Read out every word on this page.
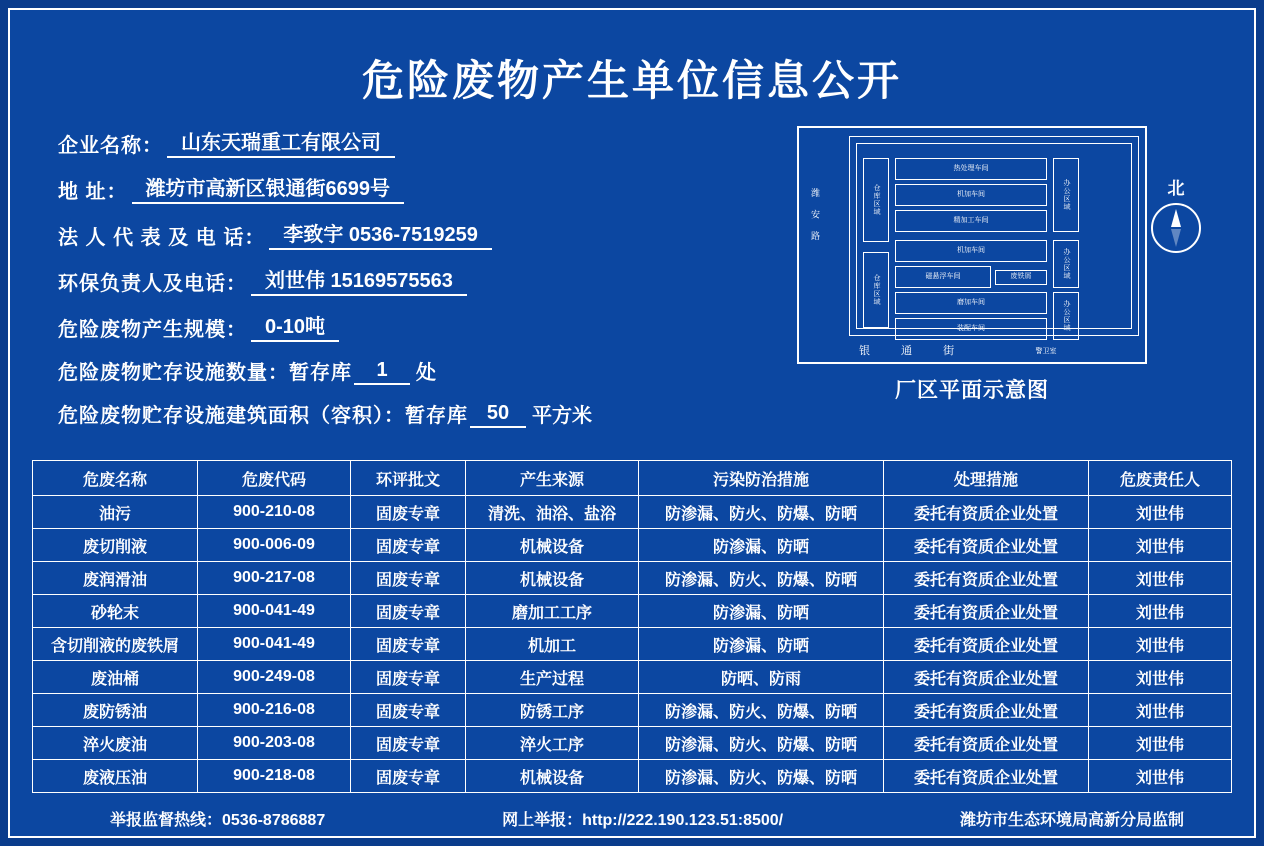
危险废物产生单位信息公开
企业名称： 山东天瑞重工有限公司
地 址： 潍坊市高新区银通街6699号
法 人 代 表 及 电 话： 李致宇 0536-7519259
环保负责人及电话： 刘世伟 15169575563
危险废物产生规模： 0-10吨
危险废物贮存设施数量：暂存库	1	处
危险废物贮存设施建筑面积（容积）：暂存库 50	平方米
潍 安 路
银 通 街
仓库区域
热处理车间
机加车间
精加工车间
办公区域
机加车间
仓库区域	磁悬浮车间	废铁屑
磨加车间
装配车间
办公区域
办公区域
警卫室
厂区平面示意图
北
危废名称	危废代码	环评批文	产生来源	污染防治措施	处理措施	危废责任人
油污	900-210-08	固废专章	清洗、油浴、盐浴	防渗漏、防火、防爆、防晒	委托有资质企业处置	刘世伟
废切削液	900-006-09	固废专章	机械设备	防渗漏、防晒	委托有资质企业处置	刘世伟
废润滑油	900-217-08	固废专章	机械设备	防渗漏、防火、防爆、防晒	委托有资质企业处置	刘世伟
砂轮末	900-041-49	固废专章	磨加工工序	防渗漏、防晒	委托有资质企业处置	刘世伟
含切削液的废铁屑	900-041-49	固废专章	机加工	防渗漏、防晒	委托有资质企业处置	刘世伟
废油桶	900-249-08	固废专章	生产过程	防晒、防雨	委托有资质企业处置	刘世伟
废防锈油	900-216-08	固废专章	防锈工序	防渗漏、防火、防爆、防晒	委托有资质企业处置	刘世伟
淬火废油	900-203-08	固废专章	淬火工序	防渗漏、防火、防爆、防晒	委托有资质企业处置	刘世伟
废液压油	900-218-08	固废专章	机械设备	防渗漏、防火、防爆、防晒	委托有资质企业处置	刘世伟
举报监督热线：0536-8786887	网上举报：http://222.190.123.51:8500/	潍坊市生态环境局高新分局监制
